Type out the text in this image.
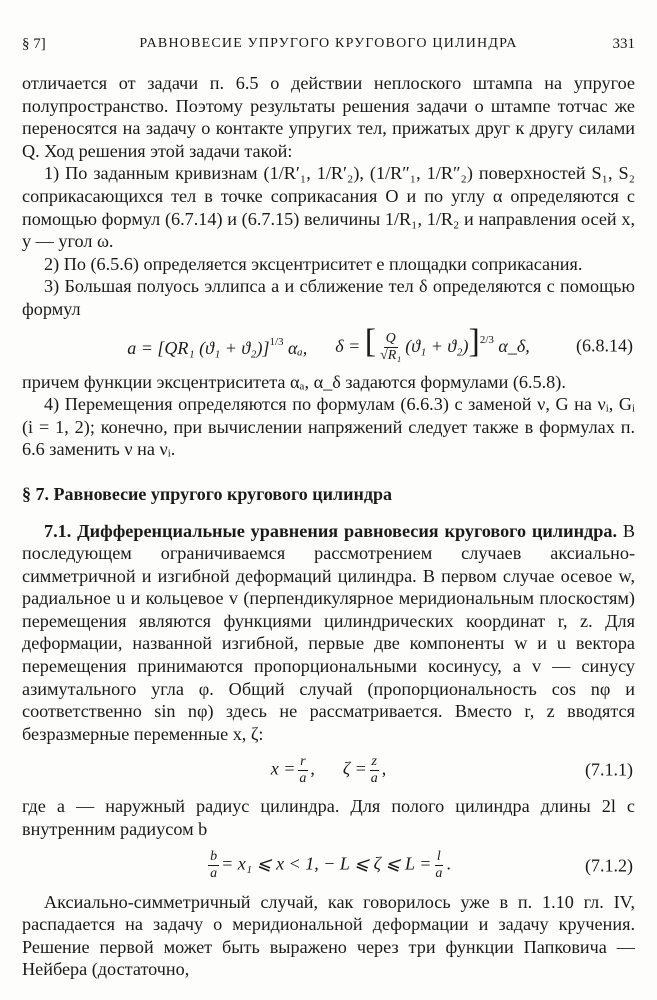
§ 7]	РАВНОВЕСИЕ УПРУГОГО КРУГОВОГО ЦИЛИНДРА	331

отличается от задачи п. 6.5 о действии неплоского штампа на упругое полупространство. Поэтому результаты решения задачи о штампе тотчас же переносятся на задачу о контакте упругих тел, прижатых друг к другу силами Q. Ход решения этой задачи такой:

1) По заданным кривизнам (1/R′₁, 1/R′₂), (1/R″₁, 1/R″₂) поверхностей S₁, S₂ соприкасающихся тел в точке соприкасания O и по углу α определяются с помощью формул (6.7.14) и (6.7.15) величины 1/R₁, 1/R₂ и направления осей x, y — угол ω.

2) По (6.5.6) определяется эксцентриситет e площадки соприкасания.

3) Большая полуось эллипса a и сближение тел δ определяются с помощью формул

a = [QR₁ (ϑ₁ + ϑ₂)]$^{1/3}$ αₐ, δ = [ $\frac{Q}{\text{√R₁}} (ϑ_1 + ϑ_2)]^{2/3}$ α_δ,	(6.8.14)

причем функции эксцентриситета αₐ, α_δ задаются формулами (6.5.8).

4) Перемещения определяются по формулам (6.6.3) с заменой ν, G на νᵢ, Gᵢ (i = 1, 2); конечно, при вычислении напряжений следует также в формулах п. 6.6 заменить ν на νᵢ.

§ 7. Равновесие упругого кругового цилиндра

7.1. Дифференциальные уравнения равновесия кругового цилиндра. В последующем ограничиваемся рассмотрением случаев аксиально-симметричной и изгибной деформаций цилиндра. В первом случае осевое w, радиальное u и кольцевое v (перпендикулярное меридиональным плоскостям) перемещения являются функциями цилиндрических координат r, z. Для деформации, названной изгибной, первые две компоненты w и u вектора перемещения принимаются пропорциональными косинусу, а v — синусу азимутального угла φ. Общий случай (пропорциональность cos nφ и соответственно sin nφ) здесь не рассматривается. Вместо r, z вводятся безразмерные переменные x, ζ:

$x = \frac{r}{a}$ , $\zeta = \frac{z}{a}$ ,	(7.1.1)

где a — наружный радиус цилиндра. Для полого цилиндра длины 2l с внутренним радиусом b

$\frac{b}{a} = x_1$ ⩽ x < 1, − L ⩽ ζ ⩽ $L = \frac{l}{a}$ .	(7.1.2)

Аксиально-симметричный случай, как говорилось уже в п. 1.10 гл. IV, распадается на задачу о меридиональной деформации и задачу кручения. Решение первой может быть выражено через три функции Папковича — Нейбера (достаточно,
